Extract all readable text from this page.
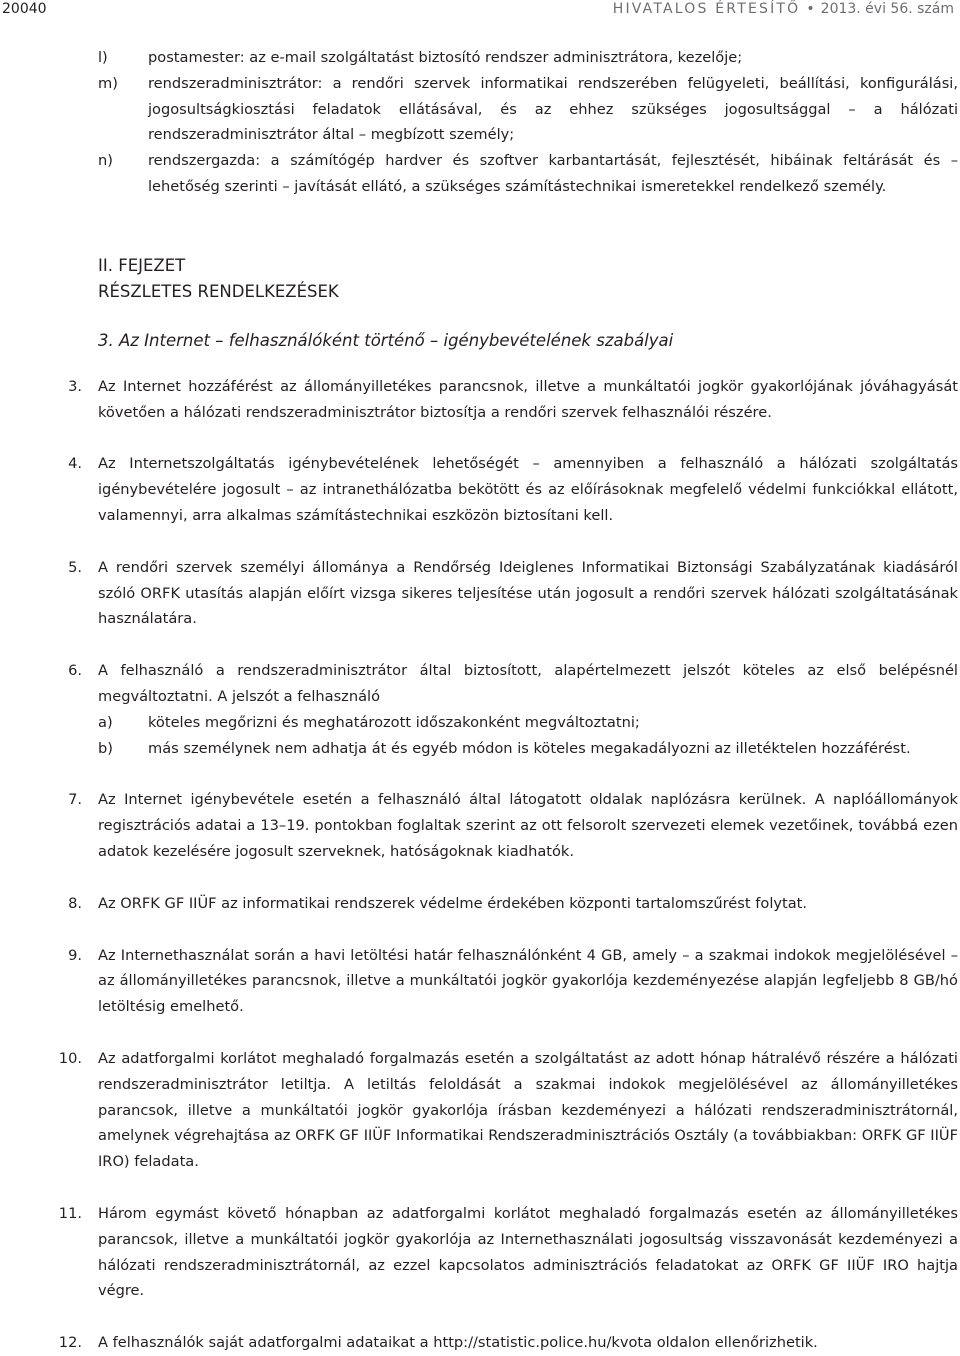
20040	HIVATALOS ÉRTESÍTŐ • 2013. évi 56. szám
l)	postamester: az e-mail szolgáltatást biztosító rendszer adminisztrátora, kezelője;
m) rendszeradminisztrátor: a rendőri szervek informatikai rendszerében felügyeleti, beállítási, konfigurálási, jogosultságkiosztási feladatok ellátásával, és az ehhez szükséges jogosultsággal – a hálózati rendszeradminisztrátor által – megbízott személy;
n) rendszergazda: a számítógép hardver és szoftver karbantartását, fejlesztését, hibáinak feltárását és – lehetőség szerinti – javítását ellátó, a szükséges számítástechnikai ismeretekkel rendelkező személy.
II. FEJEZET
RÉSZLETES RENDELKEZÉSEK
3. Az Internet – felhasználóként történő – igénybevételének szabályai
3. Az Internet hozzáférést az állományilletékes parancsnok, illetve a munkáltatói jogkör gyakorlójának jóváhagyását követően a hálózati rendszeradminisztrátor biztosítja a rendőri szervek felhasználói részére.
4. Az Internetszolgáltatás igénybevételének lehetőségét – amennyiben a felhasználó a hálózati szolgáltatás igénybevételére jogosult – az intranethálózatba bekötött és az előírásoknak megfelelő védelmi funkciókkal ellátott, valamennyi, arra alkalmas számítástechnikai eszközön biztosítani kell.
5. A rendőri szervek személyi állománya a Rendőrség Ideiglenes Informatikai Biztonsági Szabályzatának kiadásáról szóló ORFK utasítás alapján előírt vizsga sikeres teljesítése után jogosult a rendőri szervek hálózati szolgáltatásának használatára.
6. A felhasználó a rendszeradminisztrátor által biztosított, alapértelmezett jelszót köteles az első belépésnél megváltoztatni. A jelszót a felhasználó
a) köteles megőrizni és meghatározott időszakonként megváltoztatni;
b) más személynek nem adhatja át és egyéb módon is köteles megakadályozni az illetéktelen hozzáférést.
7. Az Internet igénybevétele esetén a felhasználó által látogatott oldalak naplózásra kerülnek. A naplóállományok regisztrációs adatai a 13–19. pontokban foglaltak szerint az ott felsorolt szervezeti elemek vezetőinek, továbbá ezen adatok kezelésére jogosult szerveknek, hatóságoknak kiadhatók.
8. Az ORFK GF IIÜF az informatikai rendszerek védelme érdekében központi tartalomszűrést folytat.
9. Az Internethasználat során a havi letöltési határ felhasználónként 4 GB, amely – a szakmai indokok megjelölésével – az állományilletékes parancsnok, illetve a munkáltatói jogkör gyakorlója kezdeményezése alapján legfeljebb 8 GB/hó letöltésig emelhető.
10. Az adatforgalmi korlátot meghaladó forgalmazás esetén a szolgáltatást az adott hónap hátralévő részére a hálózati rendszeradminisztrátor letiltja. A letiltás feloldását a szakmai indokok megjelölésével az állományilletékes parancsok, illetve a munkáltatói jogkör gyakorlója írásban kezdeményezi a hálózati rendszeradminisztrátornál, amelynek végrehajtása az ORFK GF IIÜF Informatikai Rendszeradminisztrációs Osztály (a továbbiakban: ORFK GF IIÜF IRO) feladata.
11. Három egymást követő hónapban az adatforgalmi korlátot meghaladó forgalmazás esetén az állományilletékes parancsok, illetve a munkáltatói jogkör gyakorlója az Internethasználati jogosultság visszavonását kezdeményezi a hálózati rendszeradminisztrátornál, az ezzel kapcsolatos adminisztrációs feladatokat az ORFK GF IIÜF IRO hajtja végre.
12. A felhasználók saját adatforgalmi adataikat a http://statistic.police.hu/kvota oldalon ellenőrizhetik.
